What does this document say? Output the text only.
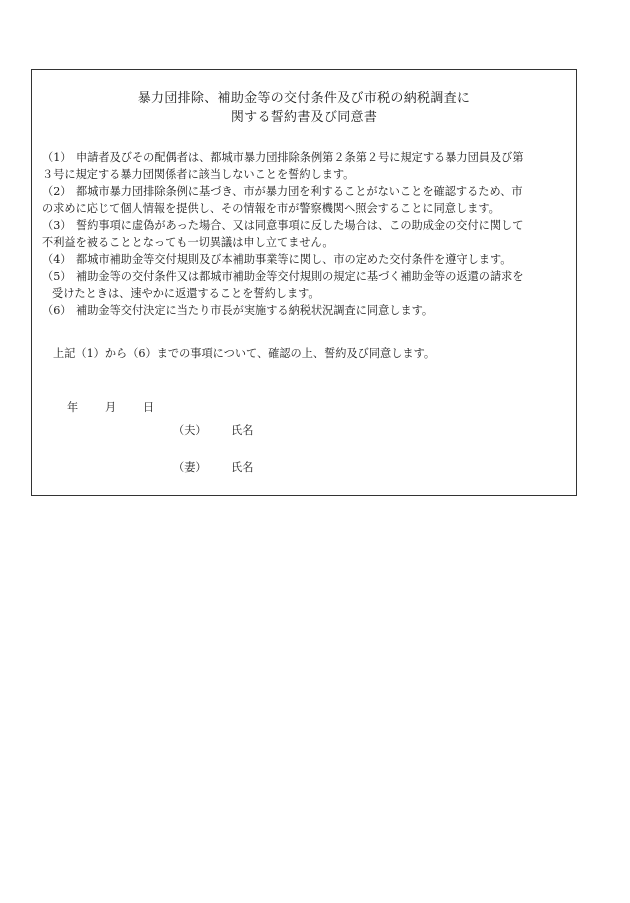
暴力団排除、補助金等の交付条件及び市税の納税調査に
関する誓約書及び同意書
（1） 申請者及びその配偶者は、都城市暴力団排除条例第２条第２号に規定する暴力団員及び第
３号に規定する暴力団関係者に該当しないことを誓約します。
（2） 都城市暴力団排除条例に基づき、市が暴力団を利することがないことを確認するため、市
の求めに応じて個人情報を提供し、その情報を市が警察機関へ照会することに同意します。
（3） 誓約事項に虚偽があった場合、又は同意事項に反した場合は、この助成金の交付に関して
不利益を被ることとなっても一切異議は申し立てません。
（4） 都城市補助金等交付規則及び本補助事業等に関し、市の定めた交付条件を遵守します。
（5） 補助金等の交付条件又は都城市補助金等交付規則の規定に基づく補助金等の返還の請求を
受けたときは、速やかに返還することを誓約します。
（6） 補助金等交付決定に当たり市長が実施する納税状況調査に同意します。
上記（1）から（6）までの事項について、確認の上、誓約及び同意します。
年 月 日
（夫） 氏名
（妻） 氏名
